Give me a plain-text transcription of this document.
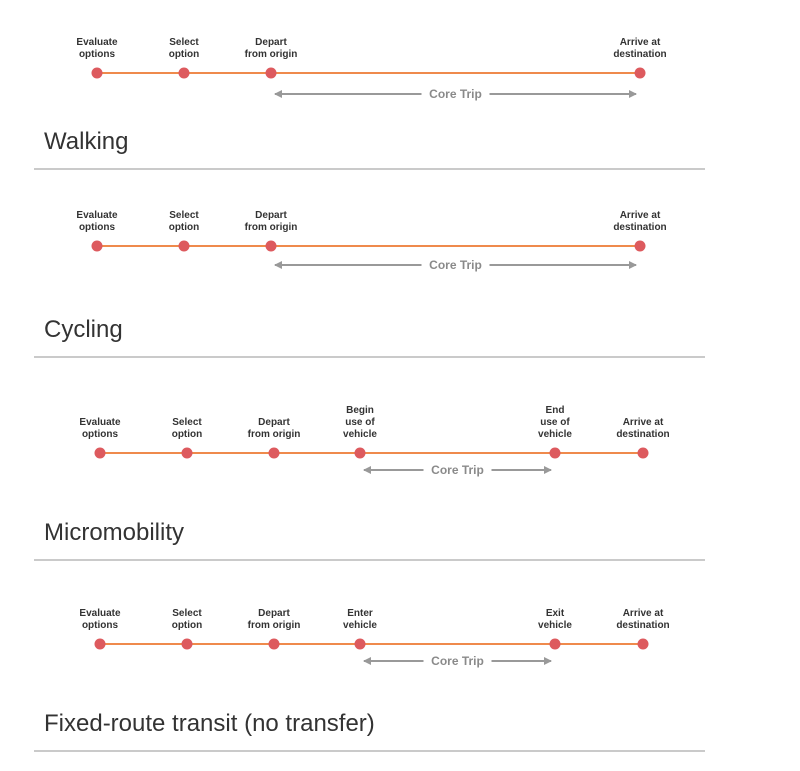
Evaluate
options
Select
option
Depart
from origin
Arrive at
destination
Core Trip
Walking
Evaluate
options
Select
option
Depart
from origin
Arrive at
destination
Core Trip
Cycling
Evaluate
options
Select
option
Depart
from origin
Begin
use of
vehicle
End
use of
vehicle
Arrive at
destination
Core Trip
Micromobility
Evaluate
options
Select
option
Depart
from origin
Enter
vehicle
Exit
vehicle
Arrive at
destination
Core Trip
Fixed-route transit (no transfer)
